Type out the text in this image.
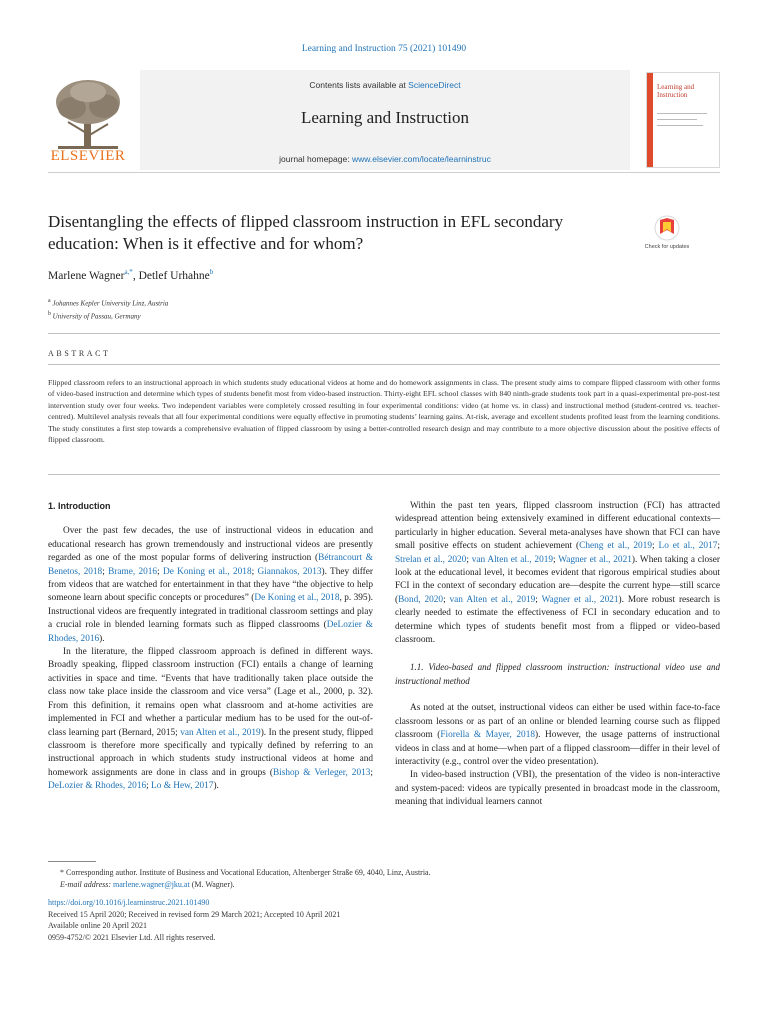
Learning and Instruction 75 (2021) 101490
ELSEVIER
Contents lists available at ScienceDirect
Learning and Instruction
journal homepage: www.elsevier.com/locate/learninstruc
Learning and Instruction
Disentangling the effects of flipped classroom instruction in EFL secondary education: When is it effective and for whom?	Check for updates
Marlene Wagner$^{a,*}$, Detlef Urhahne$^b$
$^a$ Johannes Kepler University Linz, Austria
$^b$ University of Passau, Germany
ABSTRACT

Flipped classroom refers to an instructional approach in which students study educational videos at home and do homework assignments in class. The present study aims to compare flipped classroom with other forms of video-based instruction and determine which types of students benefit most from video-based instruction. Thirty-eight EFL school classes with 840 ninth-grade students took part in a quasi-experimental pre-post-test intervention study over four weeks. Two independent variables were completely crossed resulting in four experimental conditions: video (at home vs. in class) and instructional method (student-centred vs. teacher-centred). Multilevel analysis reveals that all four experimental conditions were equally effective in promoting students’ learning gains. At-risk, average and excellent students profited least from the learning conditions. The study constitutes a first step towards a comprehensive evaluation of flipped classroom by using a better-controlled research design and may contribute to a more objective discussion about the positive effects of flipped classroom.

1. Introduction

Over the past few decades, the use of instructional videos in education and educational research has grown tremendously and instructional videos are presently regarded as one of the most popular forms of delivering instruction (Bétrancourt & Benetos, 2018; Brame, 2016; De Koning et al., 2018; Giannakos, 2013). They differ from videos that are watched for entertainment in that they have “the objective to help someone learn about specific concepts or procedures” (De Koning et al., 2018, p. 395). Instructional videos are frequently integrated in traditional classroom settings and play a crucial role in blended learning formats such as flipped classrooms (DeLozier & Rhodes, 2016).

In the literature, the flipped classroom approach is defined in different ways. Broadly speaking, flipped classroom instruction (FCI) entails a change of learning activities in space and time. “Events that have traditionally taken place outside the class now take place inside the classroom and vice versa” (Lage et al., 2000, p. 32). From this definition, it remains open what classroom and at-home activities are implemented in FCI and whether a particular medium has to be used for the out-of-class learning part (Bernard, 2015; van Alten et al., 2019). In the present study, flipped classroom is therefore more specifically and typically defined by referring to an instructional approach in which students study instructional videos at home and homework assignments are done in class and in groups (Bishop & Verleger, 2013; DeLozier & Rhodes, 2016; Lo & Hew, 2017).

Within the past ten years, flipped classroom instruction (FCI) has attracted widespread attention being extensively examined in different educational contexts—particularly in higher education. Several meta-analyses have shown that FCI can have small positive effects on student achievement (Cheng et al., 2019; Lo et al., 2017; Strelan et al., 2020; van Alten et al., 2019; Wagner et al., 2021). When taking a closer look at the educational level, it becomes evident that rigorous empirical studies about FCI in the context of secondary education are—despite the current hype—still scarce (Bond, 2020; van Alten et al., 2019; Wagner et al., 2021). More robust research is clearly needed to estimate the effectiveness of FCI in secondary education and to determine which types of students benefit most from a flipped or video-based classroom.

1.1. Video-based and flipped classroom instruction: instructional video use and instructional method

As noted at the outset, instructional videos can either be used within face-to-face classroom lessons or as part of an online or blended learning course such as flipped classroom (Fiorella & Mayer, 2018). However, the usage patterns of instructional videos in class and at home—when part of a flipped classroom—differ in their level of interactivity (e.g., control over the video presentation).

In video-based instruction (VBI), the presentation of the video is non-interactive and system-paced: videos are typically presented in broadcast mode in the classroom, meaning that individual learners cannot

* Corresponding author. Institute of Business and Vocational Education, Altenberger Straße 69, 4040, Linz, Austria.
E-mail address: marlene.wagner@jku.at (M. Wagner).
https://doi.org/10.1016/j.learninstruc.2021.101490
Received 15 April 2020; Received in revised form 29 March 2021; Accepted 10 April 2021
Available online 20 April 2021
0959-4752/© 2021 Elsevier Ltd. All rights reserved.
